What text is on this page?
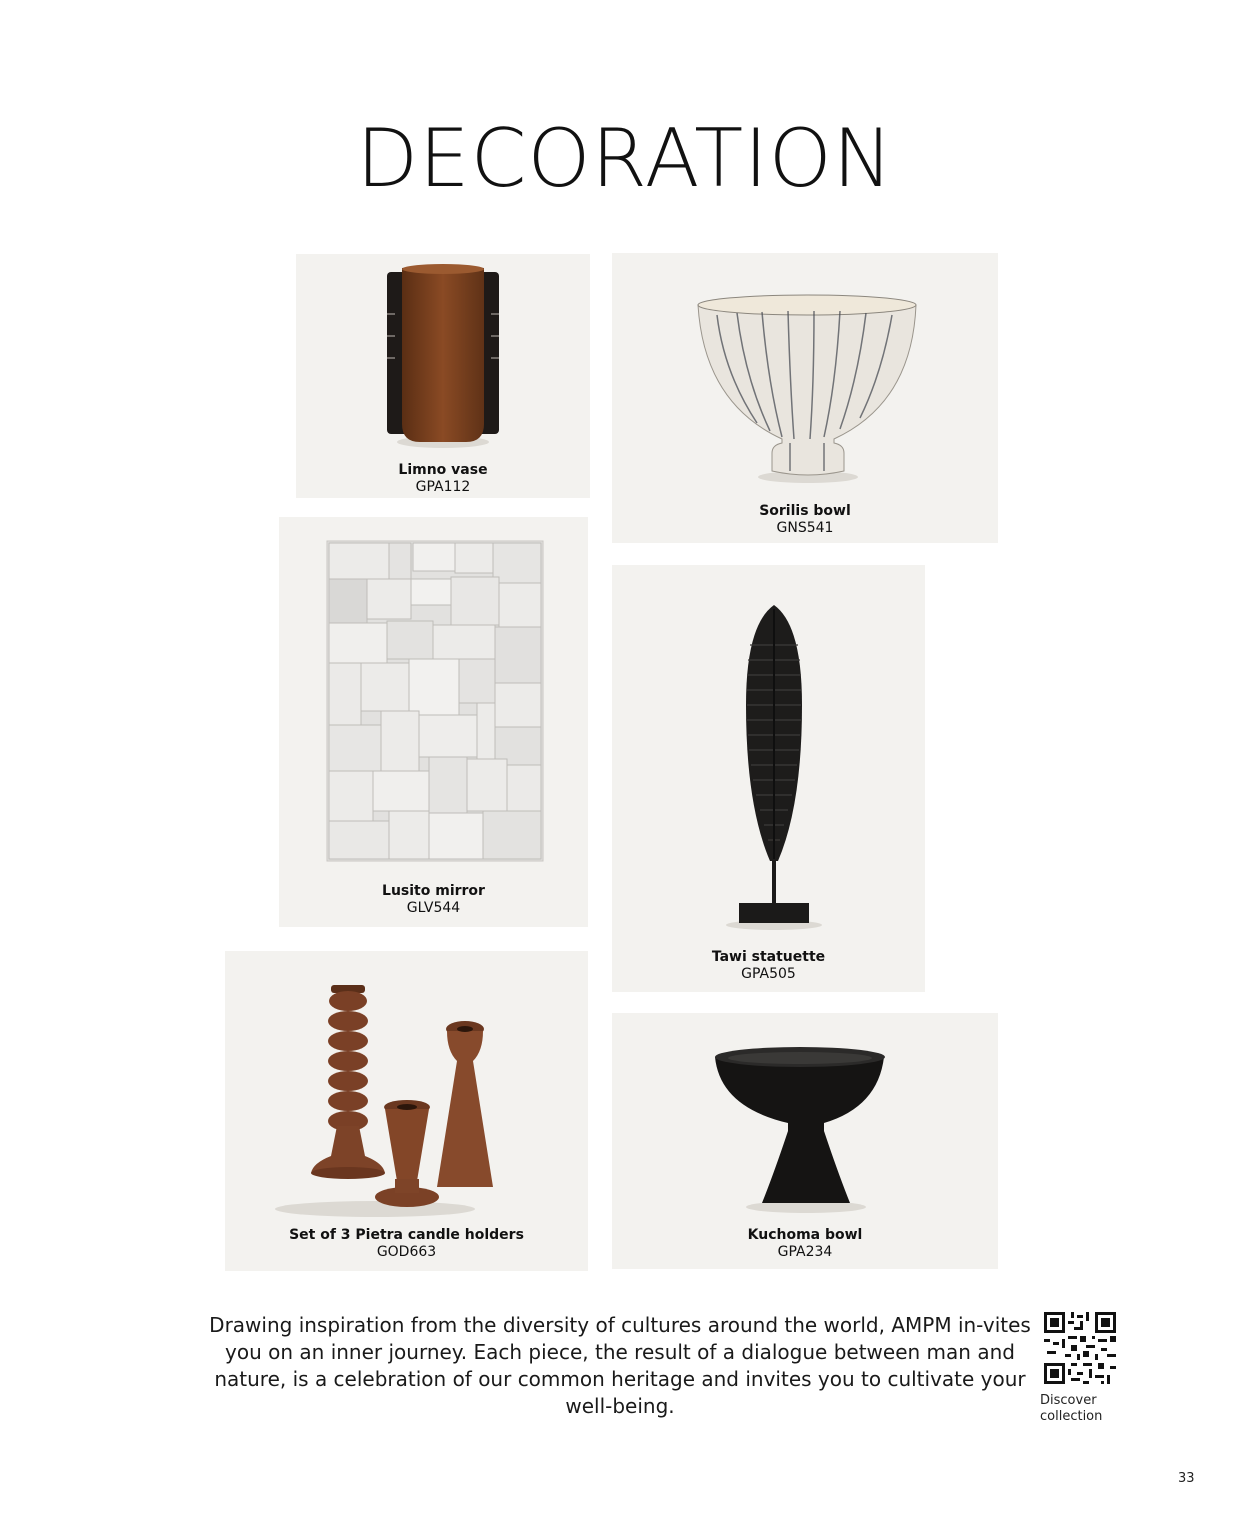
DECORATION
Limno vase
GPA112
Sorilis bowl
GNS541
Lusito mirror
GLV544
Tawi statuette
GPA505
Set of 3 Pietra candle holders
GOD663
Kuchoma bowl
GPA234
Drawing inspiration from the diversity of cultures around the world, AMPM in-vites you on an inner journey. Each piece, the result of a dialogue between man and nature, is a celebration of our common heritage and invites you to cultivate your well-being.	Discover collection
33
